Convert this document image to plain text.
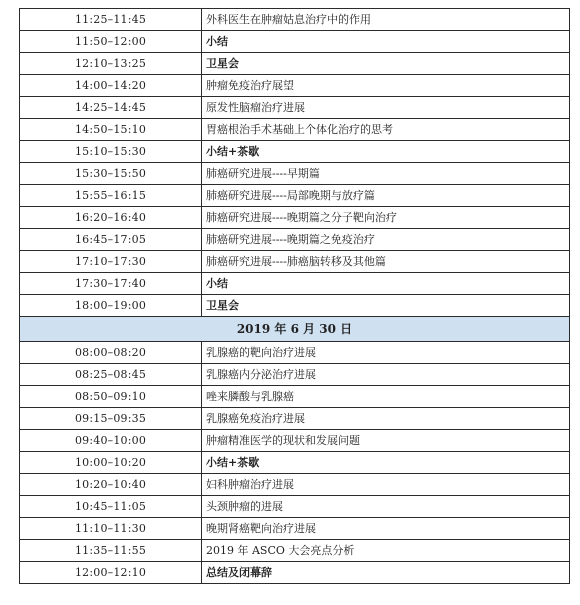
11:25–11:45	外科医生在肿瘤姑息治疗中的作用
11:50–12:00	小结
12:10–13:25	卫星会
14:00–14:20	肿瘤免疫治疗展望
14:25–14:45	原发性脑瘤治疗进展
14:50–15:10	胃癌根治手术基础上个体化治疗的思考
15:10–15:30	小结+茶歇
15:30–15:50	肺癌研究进展----早期篇
15:55–16:15	肺癌研究进展----局部晚期与放疗篇
16:20–16:40	肺癌研究进展----晚期篇之分子靶向治疗
16:45–17:05	肺癌研究进展----晚期篇之免疫治疗
17:10–17:30	肺癌研究进展----肺癌脑转移及其他篇
17:30–17:40	小结
18:00–19:00	卫星会
2019 年 6 月 30 日	
08:00–08:20	乳腺癌的靶向治疗进展
08:25–08:45	乳腺癌内分泌治疗进展
08:50–09:10	唑来膦酸与乳腺癌
09:15–09:35	乳腺癌免疫治疗进展
09:40–10:00	肿瘤精准医学的现状和发展问题
10:00–10:20	小结+茶歇
10:20–10:40	妇科肿瘤治疗进展
10:45–11:05	头颈肿瘤的进展
11:10–11:30	晚期肾癌靶向治疗进展
11:35–11:55	2019 年 ASCO 大会亮点分析
12:00–12:10	总结及闭幕辞
